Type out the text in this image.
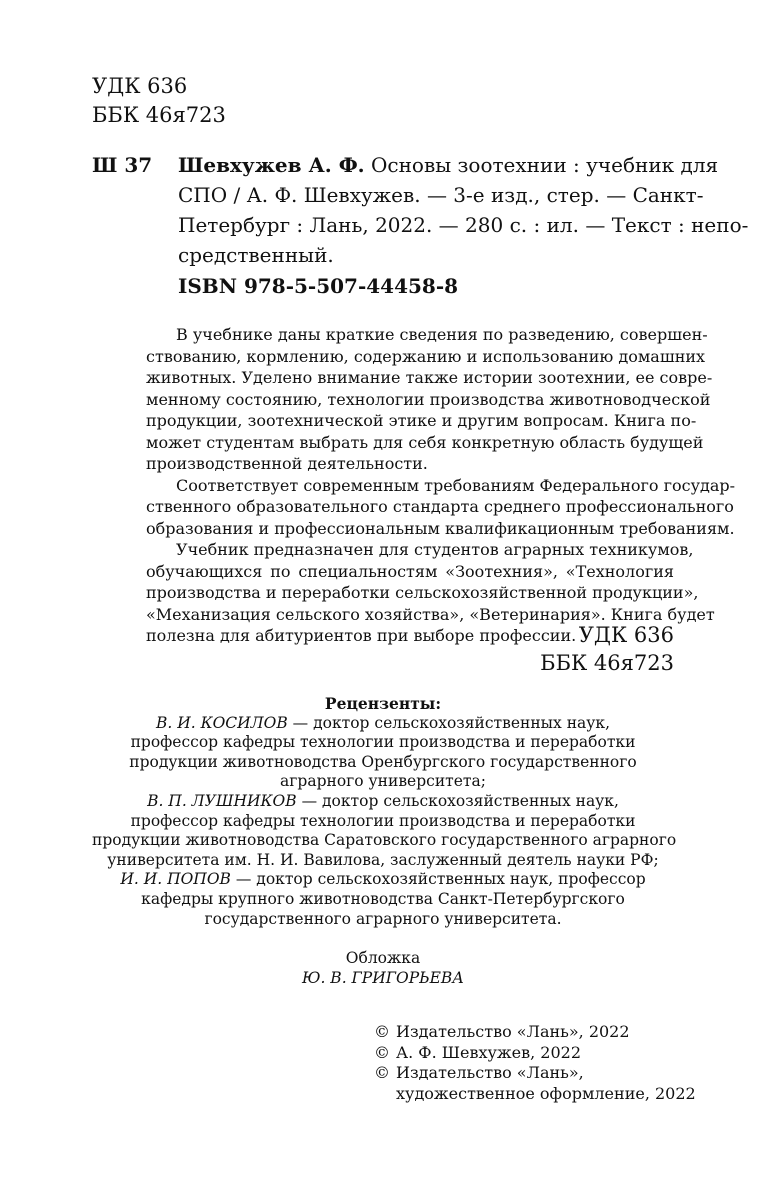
УДК 636
ББК 46я723
Ш 37 Шевхужев А. Ф. Основы зоотехнии : учебник для
СПО / А. Ф. Шевхужев. — 3-е изд., стер. — Санкт-
Петербург : Лань, 2022. — 280 с. : ил. — Текст : непо-
средственный.
ISBN 978-5-507-44458-8
В учебнике даны краткие сведения по разведению, совершен-
ствованию, кормлению, содержанию и использованию домашних
животных. Уделено внимание также истории зоотехнии, ее совре-
менному состоянию, технологии производства животноводческой
продукции, зоотехнической этике и другим вопросам. Книга по-
может студентам выбрать для себя конкретную область будущей
производственной деятельности.
Соответствует современным требованиям Федерального государ-
ственного образовательного стандарта среднего профессионального
образования и профессиональным квалификационным требованиям.
Учебник предназначен для студентов аграрных техникумов,
обучающихся по специальностям «Зоотехния», «Технология
производства и переработки сельскохозяйственной продукции»,
«Механизация сельского хозяйства», «Ветеринария». Книга будет
полезна для абитуриентов при выборе профессии. УДК 636
ББК 46я723
Рецензенты:
В. И. КОСИЛОВ — доктор сельскохозяйственных наук,
профессор кафедры технологии производства и переработки
продукции животноводства Оренбургского государственного
аграрного университета;
В. П. ЛУШНИКОВ — доктор сельскохозяйственных наук,
профессор кафедры технологии производства и переработки
продукции животноводства Саратовского государственного аграрного
университета им. Н. И. Вавилова, заслуженный деятель науки РФ;
И. И. ПОПОВ — доктор сельскохозяйственных наук, профессор
кафедры крупного животноводства Санкт-Петербургского
государственного аграрного университета.
Обложка
Ю. В. ГРИГОРЬЕВА
© Издательство «Лань», 2022
© А. Ф. Шевхужев, 2022
© Издательство «Лань»,
художественное оформление, 2022
